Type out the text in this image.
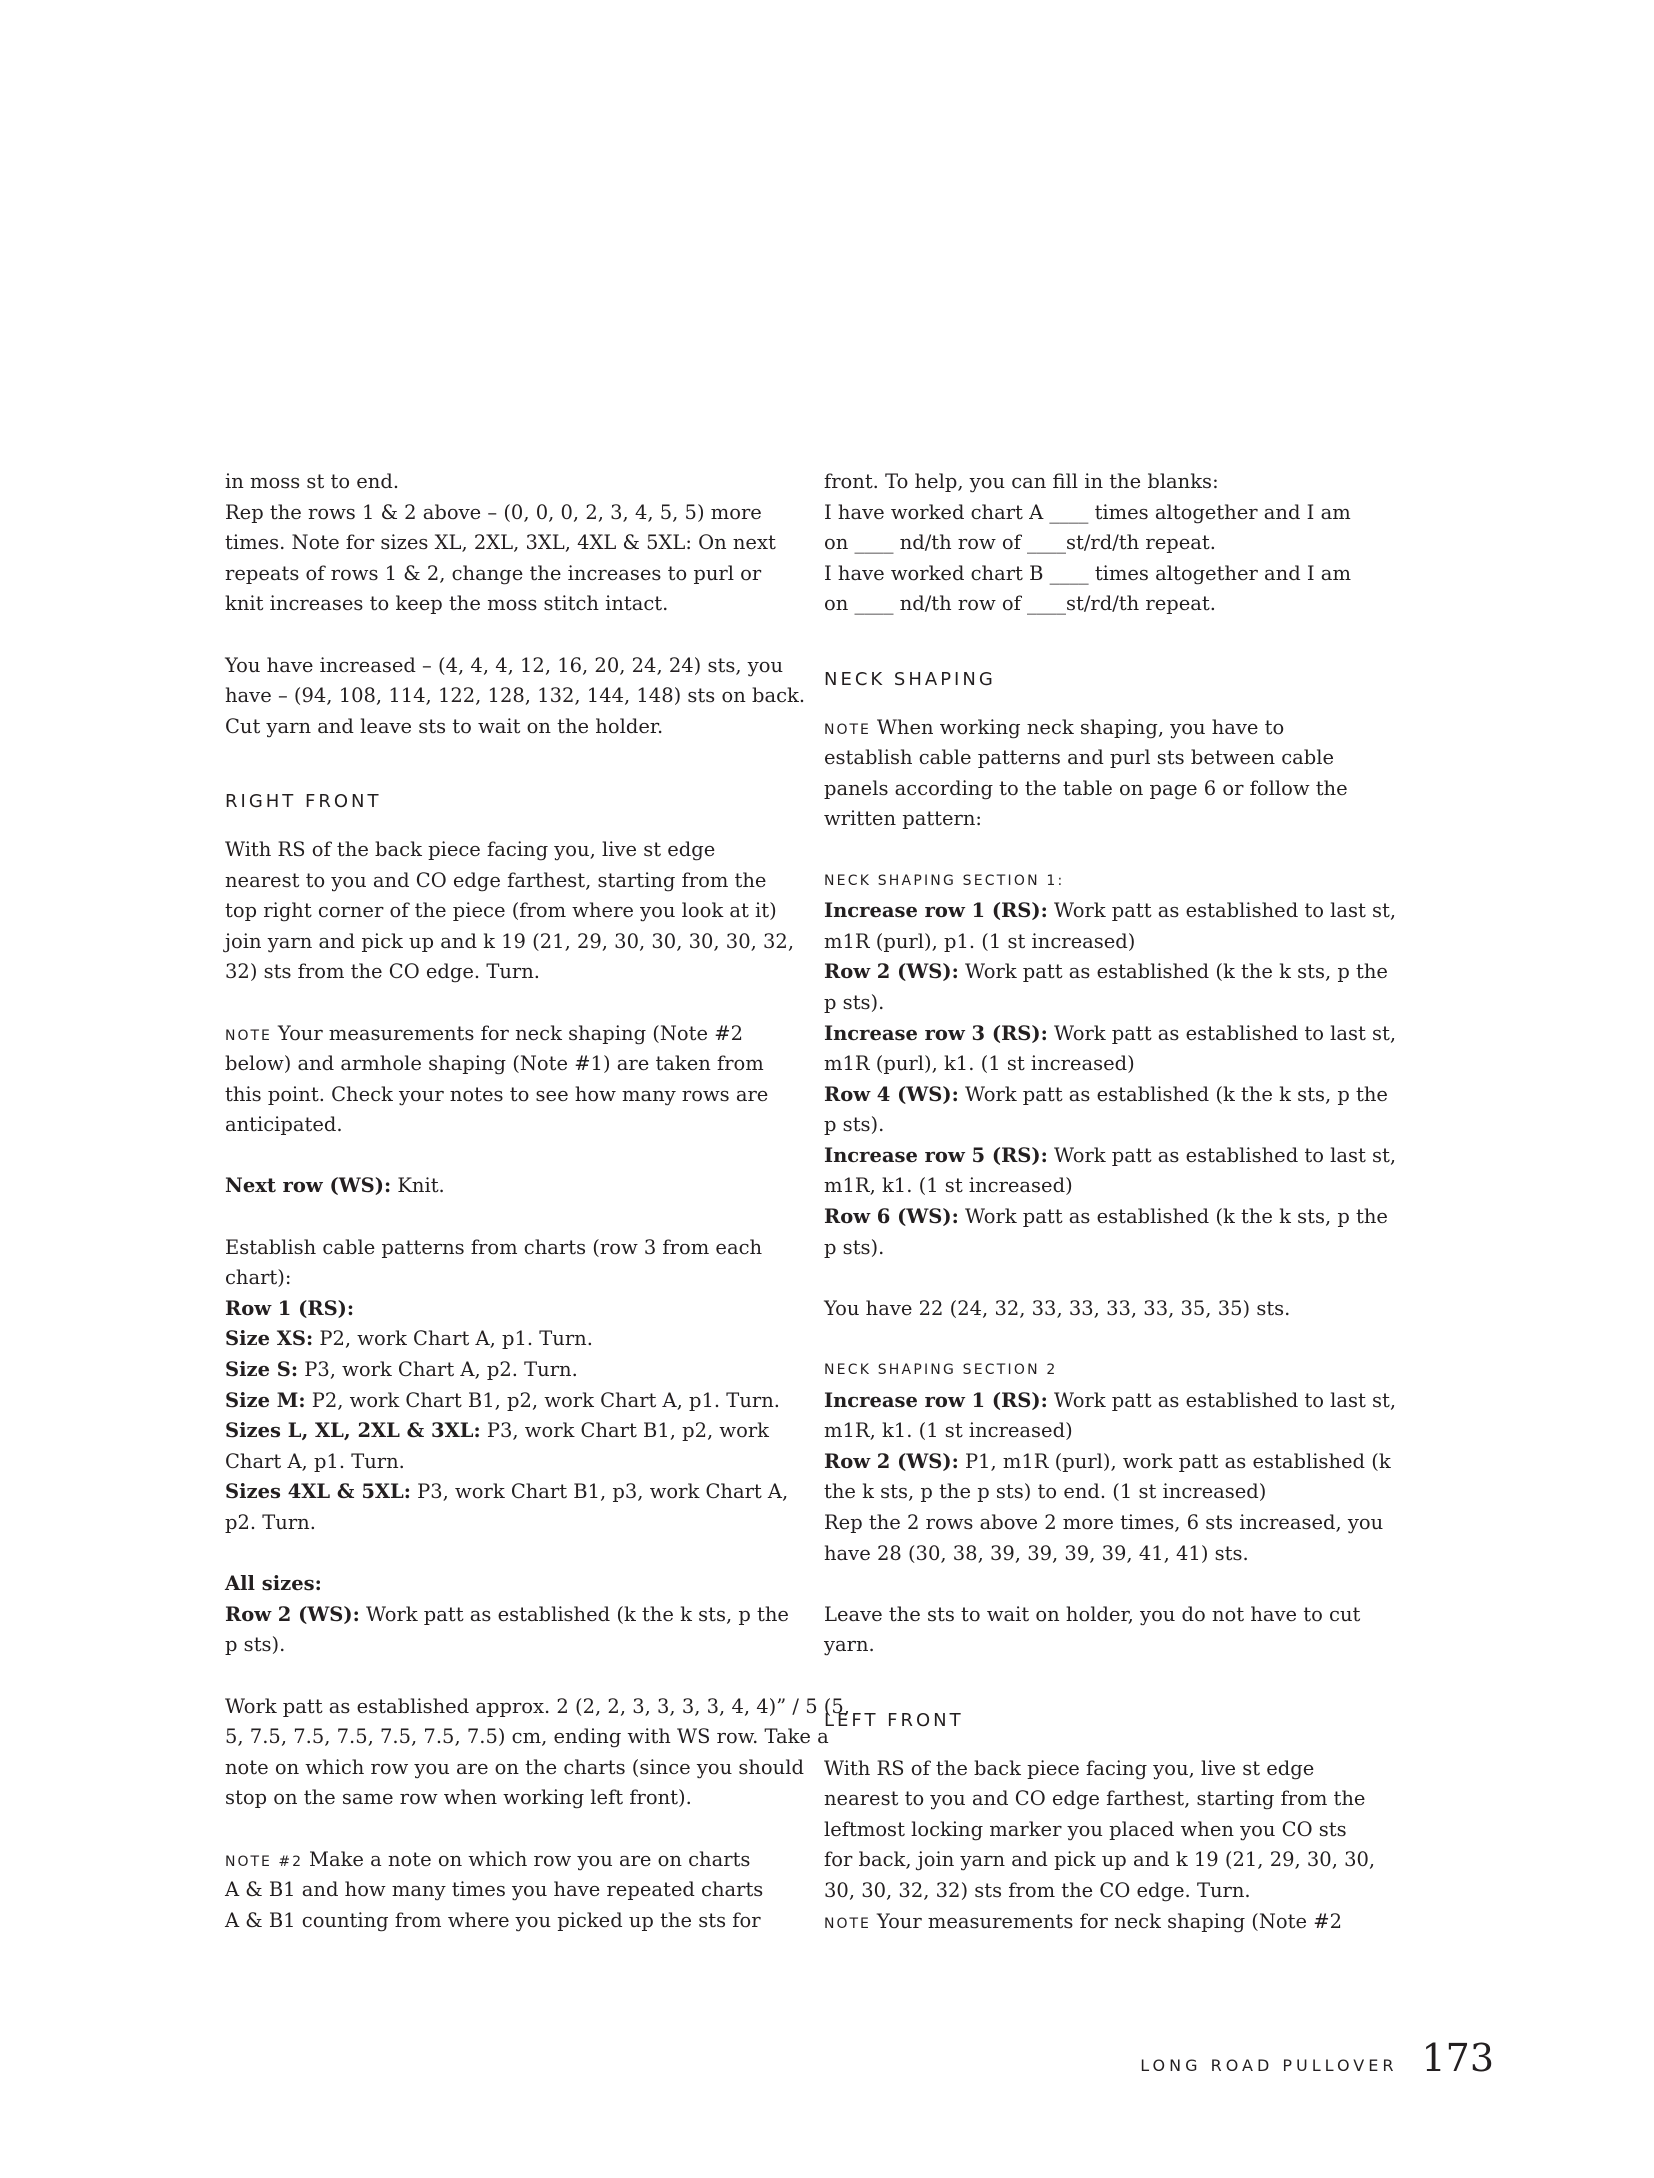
in moss st to end.
Rep the rows 1 & 2 above – (0, 0, 0, 2, 3, 4, 5, 5) more
times. Note for sizes XL, 2XL, 3XL, 4XL & 5XL: On next
repeats of rows 1 & 2, change the increases to purl or
knit increases to keep the moss stitch intact.
You have increased – (4, 4, 4, 12, 16, 20, 24, 24) sts, you
have – (94, 108, 114, 122, 128, 132, 144, 148) sts on back.
Cut yarn and leave sts to wait on the holder.
RIGHT FRONT
With RS of the back piece facing you, live st edge
nearest to you and CO edge farthest, starting from the
top right corner of the piece (from where you look at it)
join yarn and pick up and k 19 (21, 29, 30, 30, 30, 30, 32,
32) sts from the CO edge. Turn.
NOTE Your measurements for neck shaping (Note #2
below) and armhole shaping (Note #1) are taken from
this point. Check your notes to see how many rows are
anticipated.
Next row (WS): Knit.
Establish cable patterns from charts (row 3 from each
chart):
Row 1 (RS):
Size XS: P2, work Chart A, p1. Turn.
Size S: P3, work Chart A, p2. Turn.
Size M: P2, work Chart B1, p2, work Chart A, p1. Turn.
Sizes L, XL, 2XL & 3XL: P3, work Chart B1, p2, work
Chart A, p1. Turn.
Sizes 4XL & 5XL: P3, work Chart B1, p3, work Chart A,
p2. Turn.
All sizes:
Row 2 (WS): Work patt as established (k the k sts, p the
p sts).
Work patt as established approx. 2 (2, 2, 3, 3, 3, 3, 4, 4)” / 5 (5,
5, 7.5, 7.5, 7.5, 7.5, 7.5, 7.5) cm, ending with WS row. Take a
note on which row you are on the charts (since you should
stop on the same row when working left front).
NOTE #2 Make a note on which row you are on charts
A & B1 and how many times you have repeated charts
A & B1 counting from where you picked up the sts for
front. To help, you can fill in the blanks:
I have worked chart A ____ times altogether and I am
on ____ nd/th row of ____st/rd/th repeat.
I have worked chart B ____ times altogether and I am
on ____ nd/th row of ____st/rd/th repeat.
NECK SHAPING
NOTE When working neck shaping, you have to
establish cable patterns and purl sts between cable
panels according to the table on page 6 or follow the
written pattern:
NECK SHAPING SECTION 1:
Increase row 1 (RS): Work patt as established to last st,
m1R (purl), p1. (1 st increased)
Row 2 (WS): Work patt as established (k the k sts, p the
p sts).
Increase row 3 (RS): Work patt as established to last st,
m1R (purl), k1. (1 st increased)
Row 4 (WS): Work patt as established (k the k sts, p the
p sts).
Increase row 5 (RS): Work patt as established to last st,
m1R, k1. (1 st increased)
Row 6 (WS): Work patt as established (k the k sts, p the
p sts).
You have 22 (24, 32, 33, 33, 33, 33, 35, 35) sts.
NECK SHAPING SECTION 2
Increase row 1 (RS): Work patt as established to last st,
m1R, k1. (1 st increased)
Row 2 (WS): P1, m1R (purl), work patt as established (k
the k sts, p the p sts) to end. (1 st increased)
Rep the 2 rows above 2 more times, 6 sts increased, you
have 28 (30, 38, 39, 39, 39, 39, 41, 41) sts.
Leave the sts to wait on holder, you do not have to cut
yarn.
LEFT FRONT
With RS of the back piece facing you, live st edge
nearest to you and CO edge farthest, starting from the
leftmost locking marker you placed when you CO sts
for back, join yarn and pick up and k 19 (21, 29, 30, 30,
30, 30, 32, 32) sts from the CO edge. Turn.
NOTE Your measurements for neck shaping (Note #2
LONG ROAD PULLOVER 173
